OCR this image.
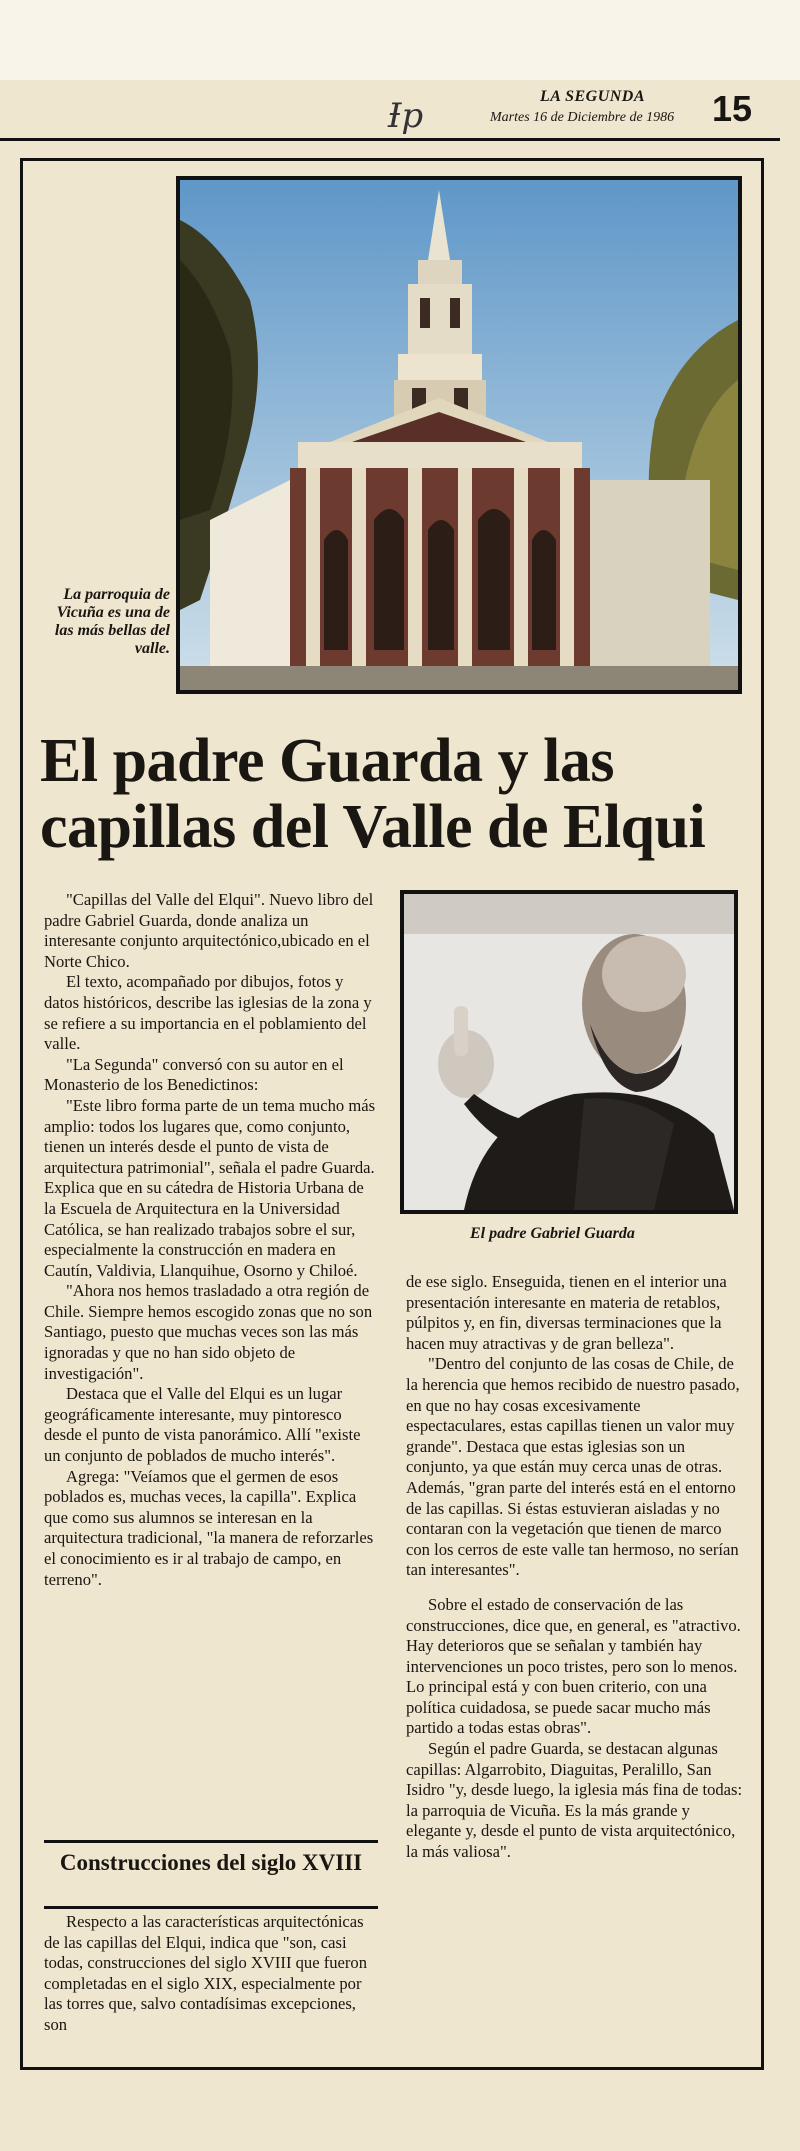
Ɨp	LA SEGUNDA
Martes 16 de Diciembre de 1986 15
La parroquia de Vicuña es una de las más bellas del valle.
El padre Guarda y las capillas del Valle de Elqui

"Capillas del Valle del Elqui". Nuevo libro del padre Gabriel Guarda, donde analiza un interesante conjunto arquitectónico,ubicado en el Norte Chico.

El texto, acompañado por dibujos, fotos y datos históricos, describe las iglesias de la zona y se refiere a su importancia en el poblamiento del valle.

"La Segunda" conversó con su autor en el Monasterio de los Benedictinos:

"Este libro forma parte de un tema mucho más amplio: todos los lugares que, como conjunto, tienen un interés desde el punto de vista de arquitectura patrimonial", señala el padre Guarda. Explica que en su cátedra de Historia Urbana de la Escuela de Arquitectura en la Universidad Católica, se han realizado trabajos sobre el sur, especialmente la construcción en madera en Cautín, Valdivia, Llanquihue, Osorno y Chiloé.

"Ahora nos hemos trasladado a otra región de Chile. Siempre hemos escogido zonas que no son Santiago, puesto que muchas veces son las más ignoradas y que no han sido objeto de investigación".

Destaca que el Valle del Elqui es un lugar geográficamente interesante, muy pintoresco desde el punto de vista panorámico. Allí "existe un conjunto de poblados de mucho interés".

Agrega: "Veíamos que el germen de esos poblados es, muchas veces, la capilla". Explica que como sus alumnos se interesan en la arquitectura tradicional, "la manera de reforzarles el conocimiento es ir al trabajo de campo, en terreno".

Construcciones del siglo XVIII

Respecto a las características arquitectónicas de las capillas del Elqui, indica que "son, casi todas, construcciones del siglo XVIII que fueron completadas en el siglo XIX, especialmente por las torres que, salvo contadísimas excepciones, son

El padre Gabriel Guarda

de ese siglo. Enseguida, tienen en el interior una presentación interesante en materia de retablos, púlpitos y, en fin, diversas terminaciones que la hacen muy atractivas y de gran belleza".

"Dentro del conjunto de las cosas de Chile, de la herencia que hemos recibido de nuestro pasado, en que no hay cosas excesivamente espectaculares, estas capillas tienen un valor muy grande". Destaca que estas iglesias son un conjunto, ya que están muy cerca unas de otras. Además, "gran parte del interés está en el entorno de las capillas. Si éstas estuvieran aisladas y no contaran con la vegetación que tienen de marco con los cerros de este valle tan hermoso, no serían tan interesantes".

Sobre el estado de conservación de las construcciones, dice que, en general, es "atractivo. Hay deterioros que se señalan y también hay intervenciones un poco tristes, pero son lo menos. Lo principal está y con buen criterio, con una política cuidadosa, se puede sacar mucho más partido a todas estas obras".

Según el padre Guarda, se destacan algunas capillas: Algarrobito, Diaguitas, Peralillo, San Isidro "y, desde luego, la iglesia más fina de todas: la parroquia de Vicuña. Es la más grande y elegante y, desde el punto de vista arquitectónico, la más valiosa".
